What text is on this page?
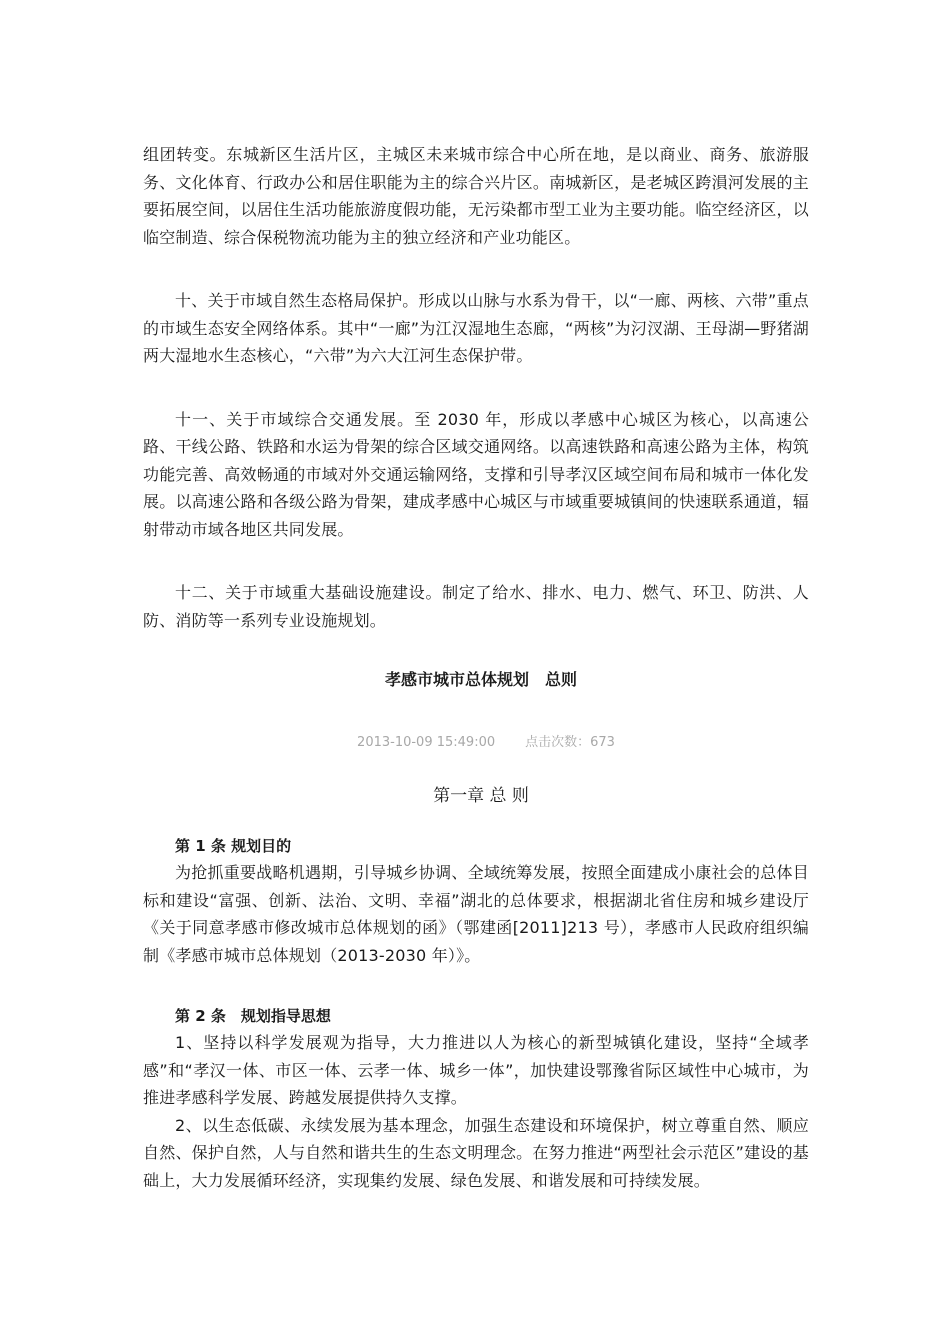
组团转变。东城新区生活片区，主城区未来城市综合中心所在地，是以商业、商务、旅游服务、文化体育、行政办公和居住职能为主的综合兴片区。南城新区，是老城区跨溳河发展的主要拓展空间，以居住生活功能旅游度假功能，无污染都市型工业为主要功能。临空经济区，以临空制造、综合保税物流功能为主的独立经济和产业功能区。

十、关于市域自然生态格局保护。形成以山脉与水系为骨干，以“一廊、两核、六带”重点的市域生态安全网络体系。其中“一廊”为江汉湿地生态廊，“两核”为汈汊湖、王母湖—野猪湖两大湿地水生态核心，“六带”为六大江河生态保护带。

十一、关于市域综合交通发展。至 2030 年，形成以孝感中心城区为核心，以高速公路、干线公路、铁路和水运为骨架的综合区域交通网络。以高速铁路和高速公路为主体，构筑功能完善、高效畅通的市域对外交通运输网络，支撑和引导孝汉区域空间布局和城市一体化发展。以高速公路和各级公路为骨架，建成孝感中心城区与市域重要城镇间的快速联系通道，辐射带动市域各地区共同发展。

十二、关于市域重大基础设施建设。制定了给水、排水、电力、燃气、环卫、防洪、人防、消防等一系列专业设施规划。

孝感市城市总体规划　总则

2013-10-09 15:49:00 点击次数：673

第一章 总 则

第 1 条 规划目的

为抢抓重要战略机遇期，引导城乡协调、全域统筹发展，按照全面建成小康社会的总体目标和建设“富强、创新、法治、文明、幸福”湖北的总体要求，根据湖北省住房和城乡建设厅《关于同意孝感市修改城市总体规划的函》（鄂建函[2011]213 号），孝感市人民政府组织编制《孝感市城市总体规划（2013-2030 年）》。

第 2 条　规划指导思想

1、坚持以科学发展观为指导，大力推进以人为核心的新型城镇化建设，坚持“全域孝感”和“孝汉一体、市区一体、云孝一体、城乡一体”，加快建设鄂豫省际区域性中心城市，为推进孝感科学发展、跨越发展提供持久支撑。

2、以生态低碳、永续发展为基本理念，加强生态建设和环境保护，树立尊重自然、顺应自然、保护自然，人与自然和谐共生的生态文明理念。在努力推进“两型社会示范区”建设的基础上，大力发展循环经济，实现集约发展、绿色发展、和谐发展和可持续发展。
